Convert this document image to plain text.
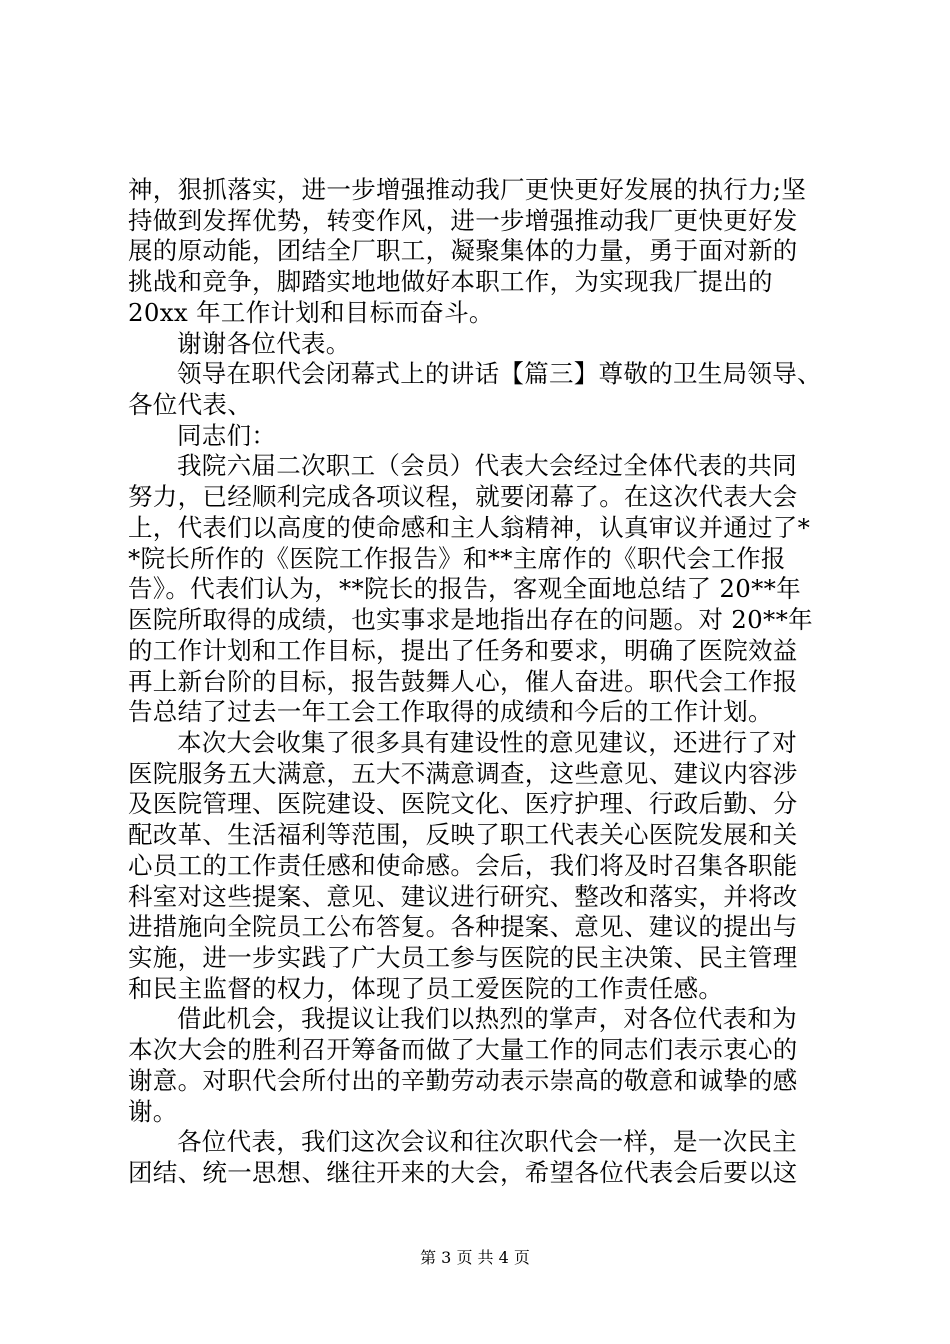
神，狠抓落实，进一步增强推动我厂更快更好发展的执行力;坚
持做到发挥优势，转变作风，进一步增强推动我厂更快更好发
展的原动能，团结全厂职工，凝聚集体的力量，勇于面对新的
挑战和竞争，脚踏实地地做好本职工作，为实现我厂提出的
20xx 年工作计划和目标而奋斗。
谢谢各位代表。
领导在职代会闭幕式上的讲话【篇三】尊敬的卫生局领导、
各位代表、
同志们：
我院六届二次职工（会员）代表大会经过全体代表的共同
努力，已经顺利完成各项议程，就要闭幕了。在这次代表大会
上，代表们以高度的使命感和主人翁精神，认真审议并通过了*
*院长所作的《医院工作报告》和**主席作的《职代会工作报
告》。代表们认为，**院长的报告，客观全面地总结了 20**年
医院所取得的成绩，也实事求是地指出存在的问题。对 20**年
的工作计划和工作目标，提出了任务和要求，明确了医院效益
再上新台阶的目标，报告鼓舞人心，催人奋进。职代会工作报
告总结了过去一年工会工作取得的成绩和今后的工作计划。
本次大会收集了很多具有建设性的意见建议，还进行了对
医院服务五大满意，五大不满意调查，这些意见、建议内容涉
及医院管理、医院建设、医院文化、医疗护理、行政后勤、分
配改革、生活福利等范围，反映了职工代表关心医院发展和关
心员工的工作责任感和使命感。会后，我们将及时召集各职能
科室对这些提案、意见、建议进行研究、整改和落实，并将改
进措施向全院员工公布答复。各种提案、意见、建议的提出与
实施，进一步实践了广大员工参与医院的民主决策、民主管理
和民主监督的权力，体现了员工爱医院的工作责任感。
借此机会，我提议让我们以热烈的掌声，对各位代表和为
本次大会的胜利召开筹备而做了大量工作的同志们表示衷心的
谢意。对职代会所付出的辛勤劳动表示崇高的敬意和诚挚的感
谢。
各位代表，我们这次会议和往次职代会一样，是一次民主
团结、统一思想、继往开来的大会，希望各位代表会后要以这
第 3 页 共 4 页
